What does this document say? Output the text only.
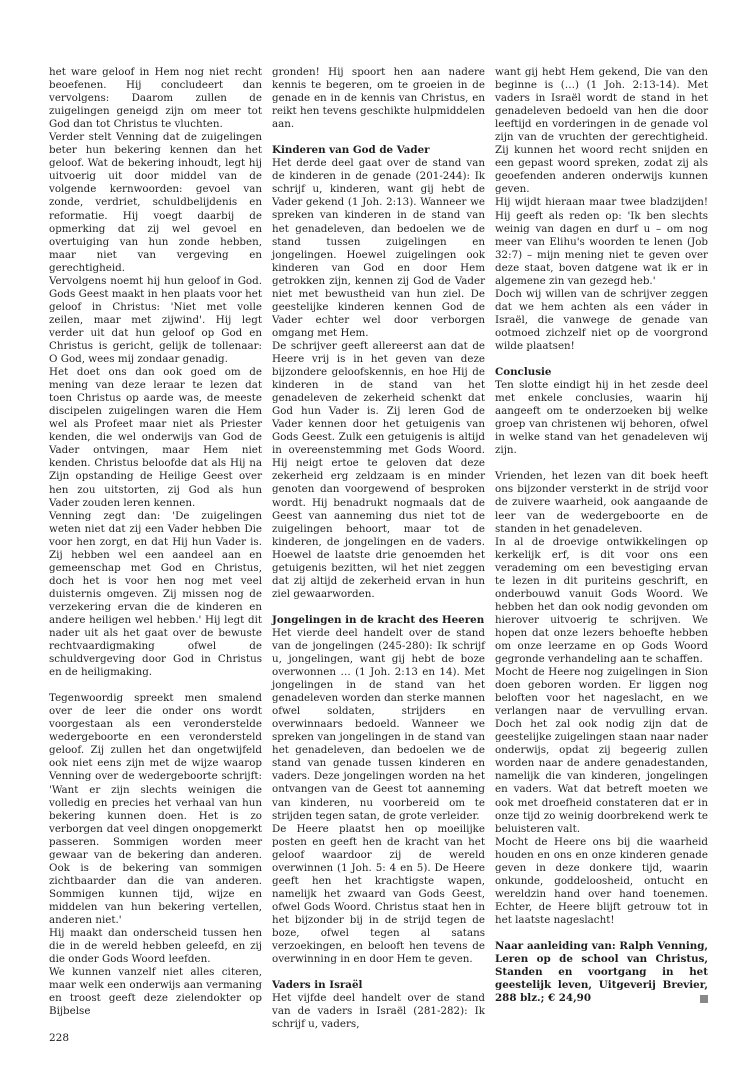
het ware geloof in Hem nog niet recht beoefenen. Hij concludeert dan vervolgens: Daarom zullen de zuigelingen geneigd zijn om meer tot God dan tot Christus te vluchten.

Verder stelt Venning dat de zuigelingen beter hun bekering kennen dan het geloof. Wat de bekering inhoudt, legt hij uitvoerig uit door middel van de volgende kernwoorden: gevoel van zonde, verdriet, schuldbelijdenis en reformatie. Hij voegt daarbij de opmerking dat zij wel gevoel en overtuiging van hun zonde hebben, maar niet van vergeving en gerechtigheid.

Vervolgens noemt hij hun geloof in God. Gods Geest maakt in hen plaats voor het geloof in Christus: 'Niet met volle zeilen, maar met zijwind'. Hij legt verder uit dat hun geloof op God en Christus is gericht, gelijk de tollenaar: O God, wees mij zondaar genadig.

Het doet ons dan ook goed om de mening van deze leraar te lezen dat toen Christus op aarde was, de meeste discipelen zuigelingen waren die Hem wel als Profeet maar niet als Priester kenden, die wel onderwijs van God de Vader ontvingen, maar Hem niet kenden. Christus beloofde dat als Hij na Zijn opstanding de Heilige Geest over hen zou uitstorten, zij God als hun Vader zouden leren kennen.

Venning zegt dan: 'De zuigelingen weten niet dat zij een Vader hebben Die voor hen zorgt, en dat Hij hun Vader is. Zij hebben wel een aandeel aan en gemeenschap met God en Christus, doch het is voor hen nog met veel duisternis omgeven. Zij missen nog de verzekering ervan die de kinderen en andere heiligen wel hebben.' Hij legt dit nader uit als het gaat over de bewuste rechtvaardigmaking ofwel de schuldvergeving door God in Christus en de heiligmaking.

Tegenwoordig spreekt men smalend over de leer die onder ons wordt voorgestaan als een veronderstelde wedergeboorte en een verondersteld geloof. Zij zullen het dan ongetwijfeld ook niet eens zijn met de wijze waarop Venning over de wedergeboorte schrijft: 'Want er zijn slechts weinigen die volledig en precies het verhaal van hun bekering kunnen doen. Het is zo verborgen dat veel dingen onopgemerkt passeren. Sommigen worden meer gewaar van de bekering dan anderen. Ook is de bekering van sommigen zichtbaarder dan die van anderen. Sommigen kunnen tijd, wijze en middelen van hun bekering vertellen, anderen niet.'

Hij maakt dan onderscheid tussen hen die in de wereld hebben geleefd, en zij die onder Gods Woord leefden.

We kunnen vanzelf niet alles citeren, maar welk een onderwijs aan vermaning en troost geeft deze zielendokter op Bijbelse

gronden! Hij spoort hen aan nadere kennis te begeren, om te groeien in de genade en in de kennis van Christus, en reikt hen tevens geschikte hulpmiddelen aan.

Kinderen van God de Vader

Het derde deel gaat over de stand van de kinderen in de genade (201-244): Ik schrijf u, kinderen, want gij hebt de Vader gekend (1 Joh. 2:13). Wanneer we spreken van kinderen in de stand van het genadeleven, dan bedoelen we de stand tussen zuigelingen en jongelingen. Hoewel zuigelingen ook kinderen van God en door Hem getrokken zijn, kennen zij God de Vader niet met bewustheid van hun ziel. De geestelijke kinderen kennen God de Vader echter wel door verborgen omgang met Hem.

De schrijver geeft allereerst aan dat de Heere vrij is in het geven van deze bijzondere geloofskennis, en hoe Hij de kinderen in de stand van het genadeleven de zekerheid schenkt dat God hun Vader is. Zij leren God de Vader kennen door het getuigenis van Gods Geest. Zulk een getuigenis is altijd in overeenstemming met Gods Woord. Hij neigt ertoe te geloven dat deze zekerheid erg zeldzaam is en minder genoten dan voorgewend of besproken wordt. Hij benadrukt nogmaals dat de Geest van aanneming dus niet tot de zuigelingen behoort, maar tot de kinderen, de jongelingen en de vaders. Hoewel de laatste drie genoemden het getuigenis bezitten, wil het niet zeggen dat zij altijd de zekerheid ervan in hun ziel gewaarworden.

Jongelingen in de kracht des Heeren

Het vierde deel handelt over de stand van de jongelingen (245-280): Ik schrijf u, jongelingen, want gij hebt de boze overwonnen … (1 Joh. 2:13 en 14). Met jongelingen in de stand van het genadeleven worden dan sterke mannen ofwel soldaten, strijders en overwinnaars bedoeld. Wanneer we spreken van jongelingen in de stand van het genadeleven, dan bedoelen we de stand van genade tussen kinderen en vaders. Deze jongelingen worden na het ontvangen van de Geest tot aanneming van kinderen, nu voorbereid om te strijden tegen satan, de grote verleider.

De Heere plaatst hen op moeilijke posten en geeft hen de kracht van het geloof waardoor zij de wereld overwinnen (1 Joh. 5: 4 en 5). De Heere geeft hen het krachtigste wapen, namelijk het zwaard van Gods Geest, ofwel Gods Woord. Christus staat hen in het bijzonder bij in de strijd tegen de boze, ofwel tegen al satans verzoekingen, en belooft hen tevens de overwinning in en door Hem te geven.

Vaders in Israël

Het vijfde deel handelt over de stand van de vaders in Israël (281-282): Ik schrijf u, vaders,

want gij hebt Hem gekend, Die van den beginne is (…) (1 Joh. 2:13-14). Met vaders in Israël wordt de stand in het genadeleven bedoeld van hen die door leeftijd en vorderingen in de genade vol zijn van de vruchten der gerechtigheid. Zij kunnen het woord recht snijden en een gepast woord spreken, zodat zij als geoefenden anderen onderwijs kunnen geven.

Hij wijdt hieraan maar twee bladzijden! Hij geeft als reden op: 'Ik ben slechts weinig van dagen en durf u – om nog meer van Elihu's woorden te lenen (Job 32:7) – mijn mening niet te geven over deze staat, boven datgene wat ik er in algemene zin van gezegd heb.'

Doch wij willen van de schrijver zeggen dat we hem achten als een váder in Israël, die vanwege de genade van ootmoed zichzelf niet op de voorgrond wilde plaatsen!

Conclusie

Ten slotte eindigt hij in het zesde deel met enkele conclusies, waarin hij aangeeft om te onderzoeken bij welke groep van christenen wij behoren, ofwel in welke stand van het genadeleven wij zijn.

Vrienden, het lezen van dit boek heeft ons bijzonder versterkt in de strijd voor de zuivere waarheid, ook aangaande de leer van de wedergeboorte en de standen in het genadeleven.

In al de droevige ontwikkelingen op kerkelijk erf, is dit voor ons een verademing om een bevestiging ervan te lezen in dit puriteins geschrift, en onderbouwd vanuit Gods Woord. We hebben het dan ook nodig gevonden om hierover uitvoerig te schrijven. We hopen dat onze lezers behoefte hebben om onze leerzame en op Gods Woord gegronde verhandeling aan te schaffen.

Mocht de Heere nog zuigelingen in Sion doen geboren worden. Er liggen nog beloften voor het nageslacht, en we verlangen naar de vervulling ervan. Doch het zal ook nodig zijn dat de geestelijke zuigelingen staan naar nader onderwijs, opdat zij begeerig zullen worden naar de andere genadestanden, namelijk die van kinderen, jongelingen en vaders. Wat dat betreft moeten we ook met droefheid constateren dat er in onze tijd zo weinig doorbrekend werk te beluisteren valt.

Mocht de Heere ons bij die waarheid houden en ons en onze kinderen genade geven in deze donkere tijd, waarin onkunde, goddeloosheid, ontucht en wereldzin hand over hand toenemen. Echter, de Heere blijft getrouw tot in het laatste nageslacht!

Naar aanleiding van: Ralph Venning, Leren op de school van Christus, Standen en voortgang in het geestelijk leven, Uitgeverij Brevier, 288 blz.; € 24,90

228
